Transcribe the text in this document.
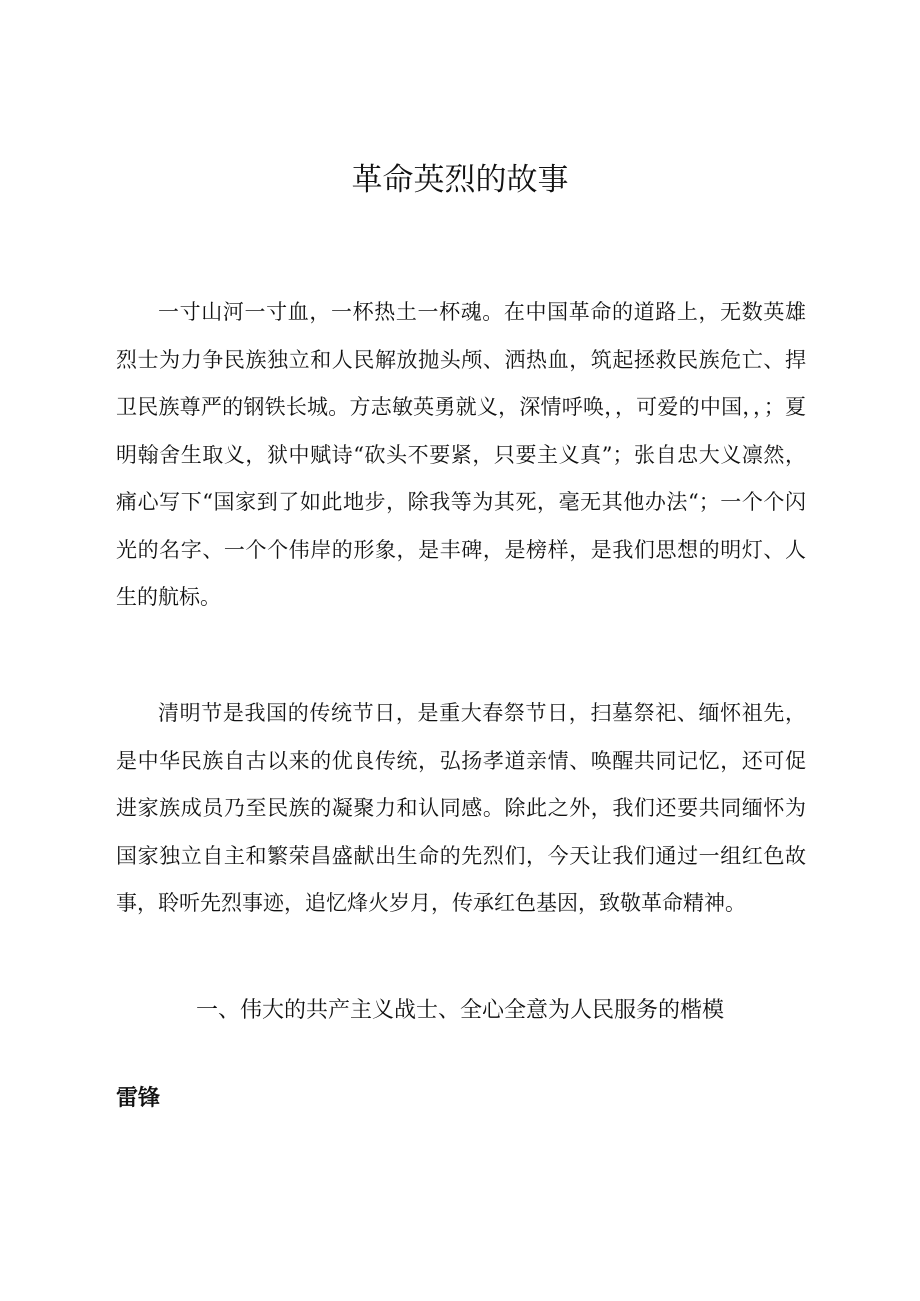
革命英烈的故事

一寸山河一寸血，一杯热土一杯魂。在中国革命的道路上，无数英雄烈士为力争民族独立和人民解放抛头颅、洒热血，筑起拯救民族危亡、捍卫民族尊严的钢铁长城。方志敏英勇就义，深情呼唤，，可爱的中国，，；夏明翰舍生取义，狱中赋诗“砍头不要紧，只要主义真”；张自忠大义凛然，痛心写下“国家到了如此地步，除我等为其死，毫无其他办法“；一个个闪光的名字、一个个伟岸的形象，是丰碑，是榜样，是我们思想的明灯、人生的航标。

清明节是我国的传统节日，是重大春祭节日，扫墓祭祀、缅怀祖先，是中华民族自古以来的优良传统，弘扬孝道亲情、唤醒共同记忆，还可促进家族成员乃至民族的凝聚力和认同感。除此之外，我们还要共同缅怀为国家独立自主和繁荣昌盛献出生命的先烈们，今天让我们通过一组红色故事，聆听先烈事迹，追忆烽火岁月，传承红色基因，致敬革命精神。

一、伟大的共产主义战士、全心全意为人民服务的楷模
雷锋
